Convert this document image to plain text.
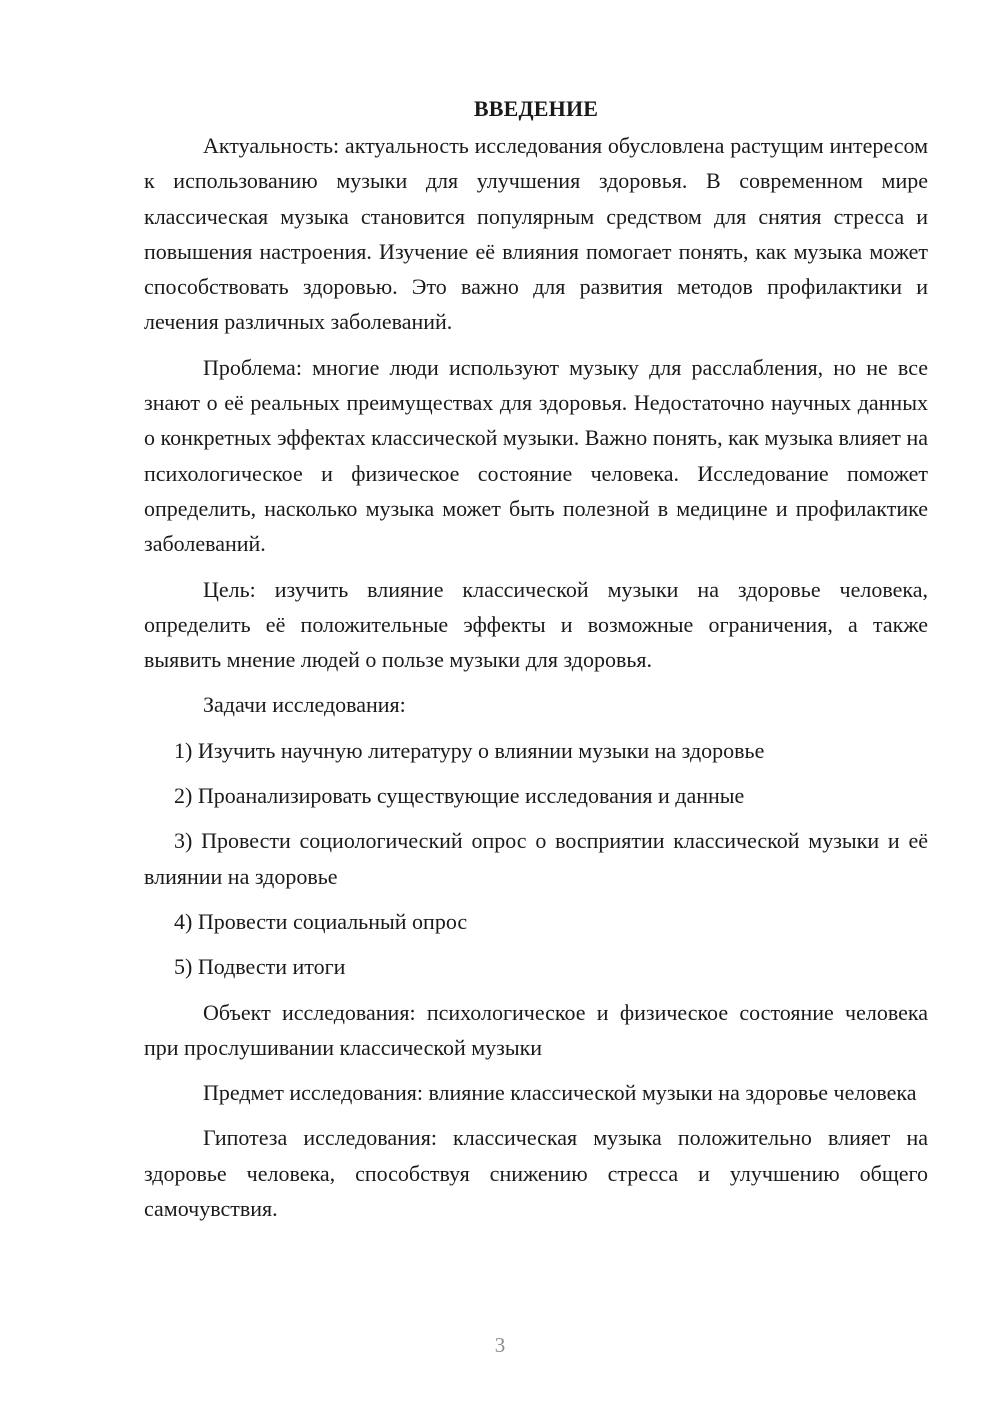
ВВЕДЕНИЕ

Актуальность: актуальность исследования обусловлена растущим интересом к использованию музыки для улучшения здоровья. В современном мире классическая музыка становится популярным средством для снятия стресса и повышения настроения. Изучение её влияния помогает понять, как музыка может способствовать здоровью. Это важно для развития методов профилактики и лечения различных заболеваний.

Проблема: многие люди используют музыку для расслабления, но не все знают о её реальных преимуществах для здоровья. Недостаточно научных данных о конкретных эффектах классической музыки. Важно понять, как музыка влияет на психологическое и физическое состояние человека. Исследование поможет определить, насколько музыка может быть полезной в медицине и профилактике заболеваний.

Цель: изучить влияние классической музыки на здоровье человека, определить её положительные эффекты и возможные ограничения, а также выявить мнение людей о пользе музыки для здоровья.

Задачи исследования:

1) Изучить научную литературу о влиянии музыки на здоровье

2) Проанализировать существующие исследования и данные

3) Провести социологический опрос о восприятии классической музыки и её влиянии на здоровье

4) Провести социальный опрос

5) Подвести итоги

Объект исследования: психологическое и физическое состояние человека при прослушивании классической музыки

Предмет исследования: влияние классической музыки на здоровье человека

Гипотеза исследования: классическая музыка положительно влияет на здоровье человека, способствуя снижению стресса и улучшению общего самочувствия.

3
